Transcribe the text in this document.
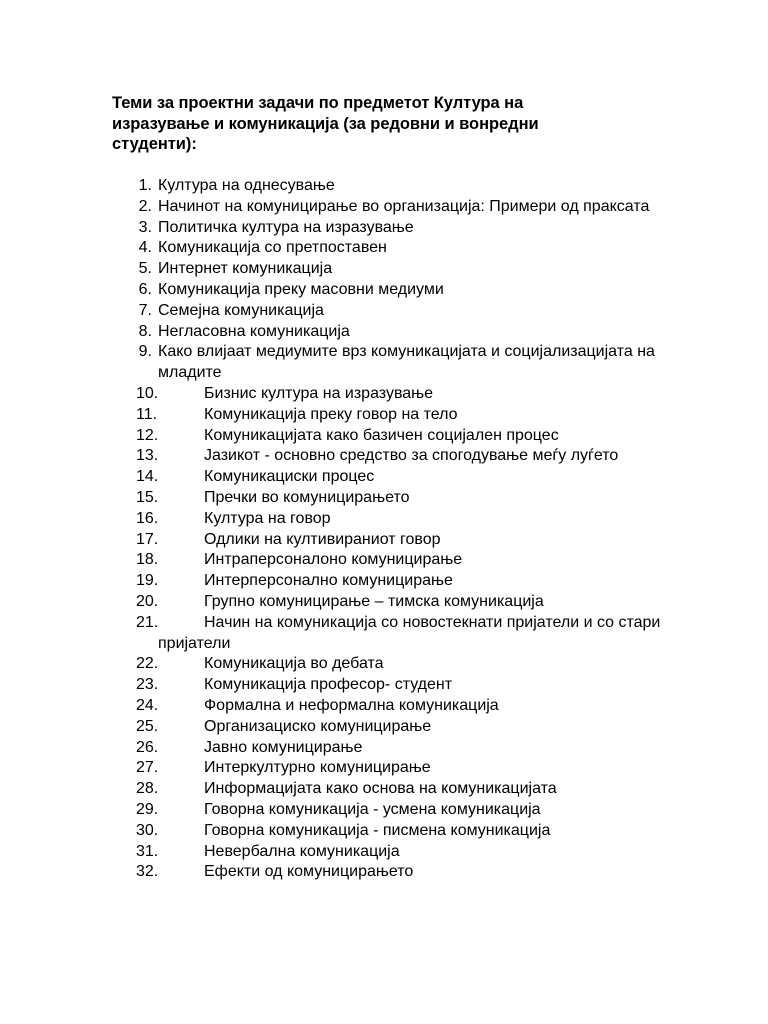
Теми за проектни задачи по предметот Култура на изразување и комуникација (за редовни и вонредни студенти):
1. Култура на однесување
2. Начинот на комуницирање во организација: Примери од праксата
3. Политичка култура на изразување
4. Комуникација со претпоставен
5. Интернет комуникација
6. Комуникација преку масовни медиуми
7. Семејна комуникација
8. Негласовна комуникација
9. Како влијаат медиумите врз комуникацијата и социјализацијата на младите
10.	Бизнис култура на изразување
11.	Комуникација преку говор на тело
12.	Комуникацијата како базичен социјален процес
13.	Јазикот - основно средство за спогодување меѓу луѓето
14.	Комуникациски процес
15.	Пречки во комуницирањето
16.	Култура на говор
17.	Одлики на култивираниот говор
18.	Интраперсоналоно комуницирање
19.	Интерперсонално комуницирање
20.	Групно комуницирање – тимска комуникација
21.	Начин на комуникација со новостекнати пријатели и со стари пријатели
22.	Комуникација во дебата
23.	Комуникација професор- студент
24.	Формална и неформална комуникација
25.	Организациско комуницирање
26.	Јавно комуницирање
27.	Интеркултурно комуницирање
28.	Информацијата како основа на комуникацијата
29.	Говорна комуникација - усмена комуникација
30.	Говорна комуникација - писмена комуникација
31.	Невербална комуникација
32.	Ефекти од комуницирањето
